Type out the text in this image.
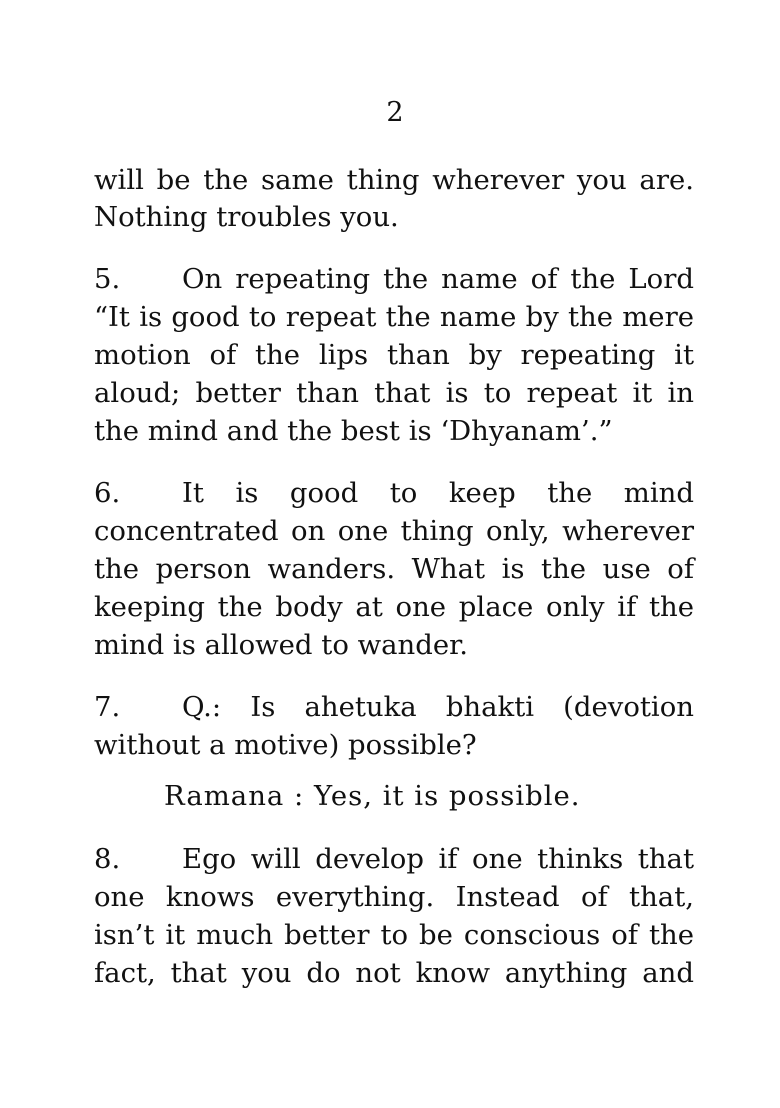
2
will be the same thing wherever you are.
Nothing troubles you.
5.	On repeating the name of the Lord
“It is good to repeat the name by the mere
motion of the lips than by repeating it
aloud; better than that is to repeat it in
the mind and the best is ‘Dhyanam’.”
6.	It is good to keep the mind
concentrated on one thing only, wherever
the person wanders. What is the use of
keeping the body at one place only if the
mind is allowed to wander.
7.	Q.: Is ahetuka bhakti (devotion
without a motive) possible?
Ramana : Yes, it is possible.
8.	Ego will develop if one thinks that
one knows everything. Instead of that,
isn’t it much better to be conscious of the
fact, that you do not know anything and
